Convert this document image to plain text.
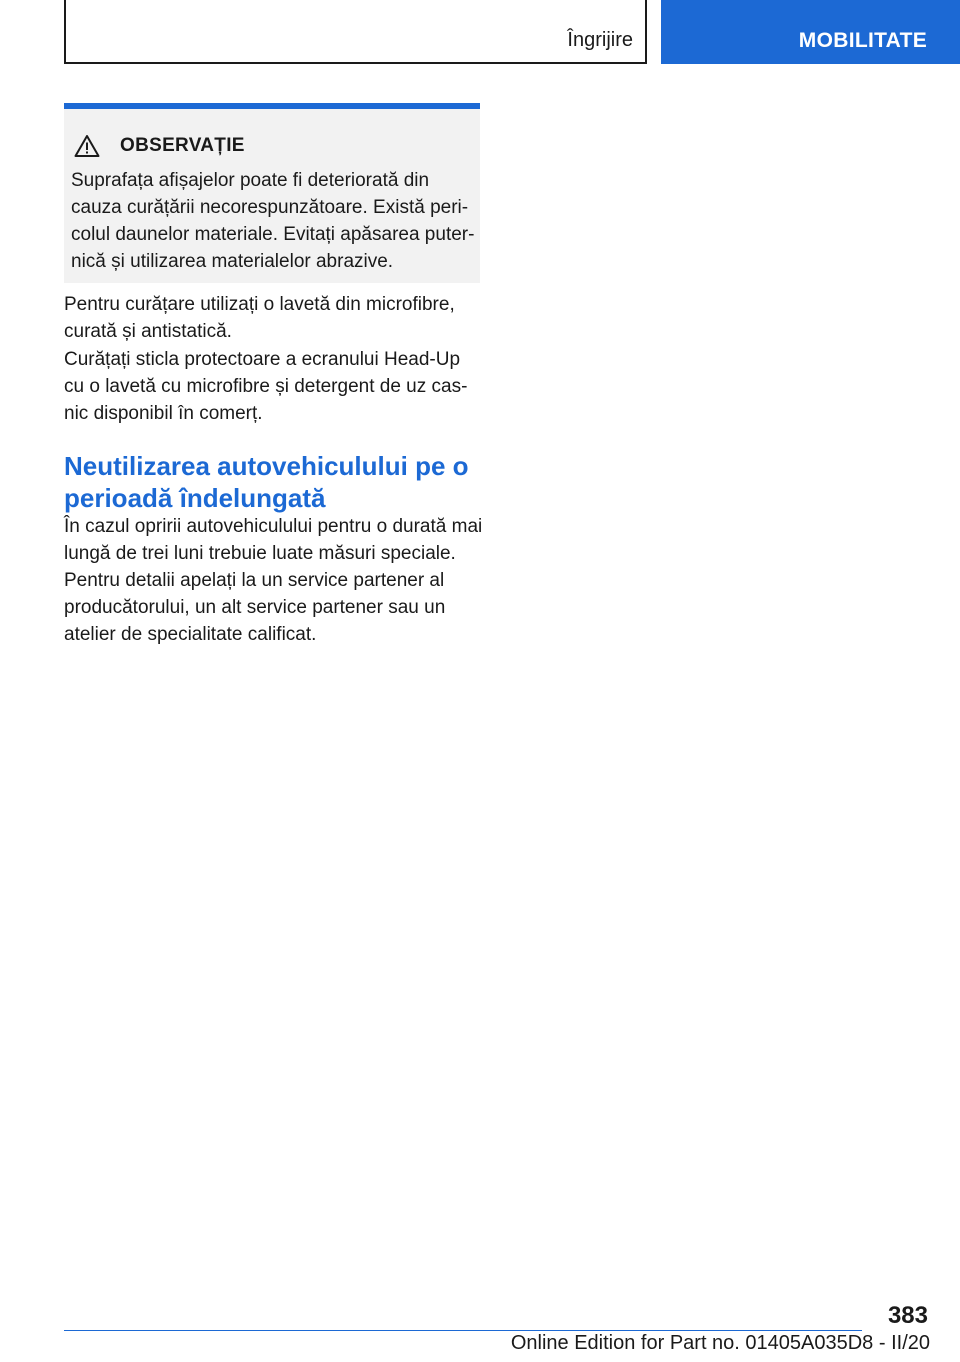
Îngrijire	MOBILITATE
OBSERVAȚIE
Suprafața afișajelor poate fi deteriorată din
cauza curățării necorespunzătoare. Există peri‐
colul daunelor materiale. Evitați apăsarea puter‐
nică și utilizarea materialelor abrazive.
Pentru curățare utilizați o lavetă din microfibre,
curată și antistatică.
Curățați sticla protectoare a ecranului Head-Up
cu o lavetă cu microfibre și detergent de uz cas‐
nic disponibil în comerț.
Neutilizarea autovehiculului pe o
perioadă îndelungată
În cazul opririi autovehiculului pentru o durată mai
lungă de trei luni trebuie luate măsuri speciale.
Pentru detalii apelați la un service partener al
producătorului, un alt service partener sau un
atelier de specialitate calificat.
383
Online Edition for Part no. 01405A035D8 - II/20
